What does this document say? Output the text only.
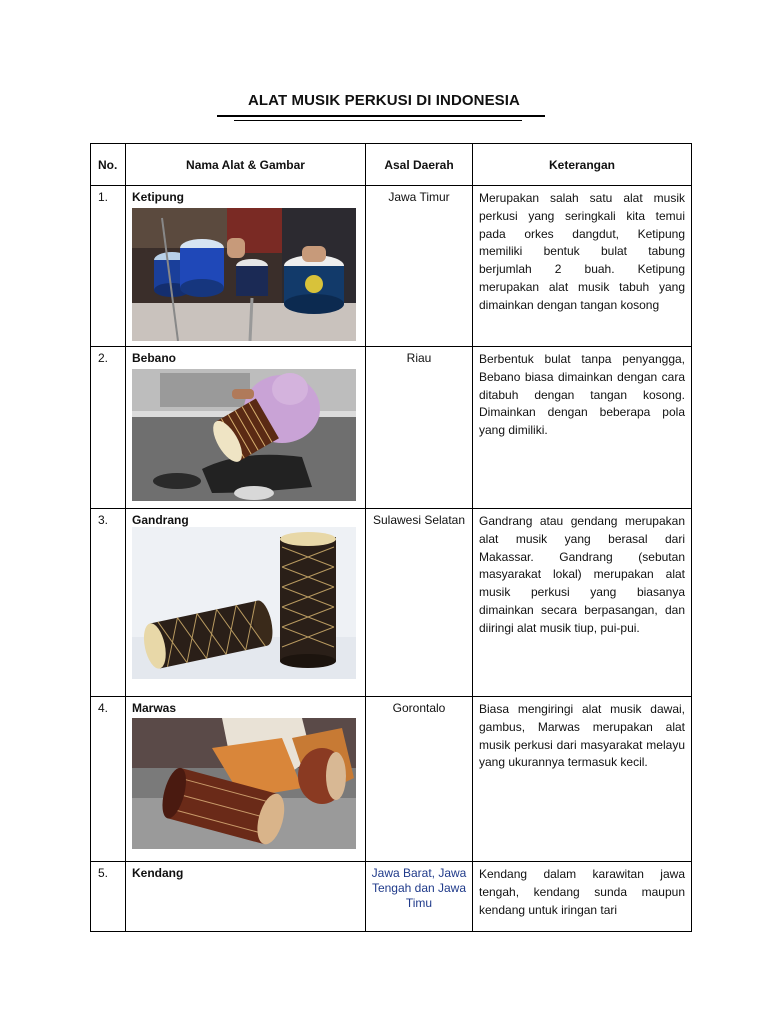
ALAT MUSIK PERKUSI DI INDONESIA
No.	Nama Alat & Gambar	Asal Daerah	Keterangan
1.	Ketipung	Jawa Timur	Merupakan salah satu alat musik perkusi yang seringkali kita temui pada orkes dangdut, Ketipung memiliki bentuk bulat tabung berjumlah 2 buah. Ketipung merupakan alat musik tabuh yang dimainkan dengan tangan kosong
2.	Bebano	Riau	Berbentuk bulat tanpa penyangga, Bebano biasa dimainkan dengan cara ditabuh dengan tangan kosong. Dimainkan dengan beberapa pola yang dimiliki.
3.	Gandrang	Sulawesi Selatan	Gandrang atau gendang merupakan alat musik yang berasal dari Makassar. Gandrang (sebutan masyarakat lokal) merupakan alat musik perkusi yang biasanya dimainkan secara berpasangan, dan diiringi alat musik tiup, pui-pui.
4.	Marwas	Gorontalo	Biasa mengiringi alat musik dawai, gambus, Marwas merupakan alat musik perkusi dari masyarakat melayu yang ukurannya termasuk kecil.
5.	Kendang	Jawa Barat, Jawa Tengah dan Jawa Timu	Kendang dalam karawitan jawa tengah, kendang sunda maupun kendang untuk iringan tari
